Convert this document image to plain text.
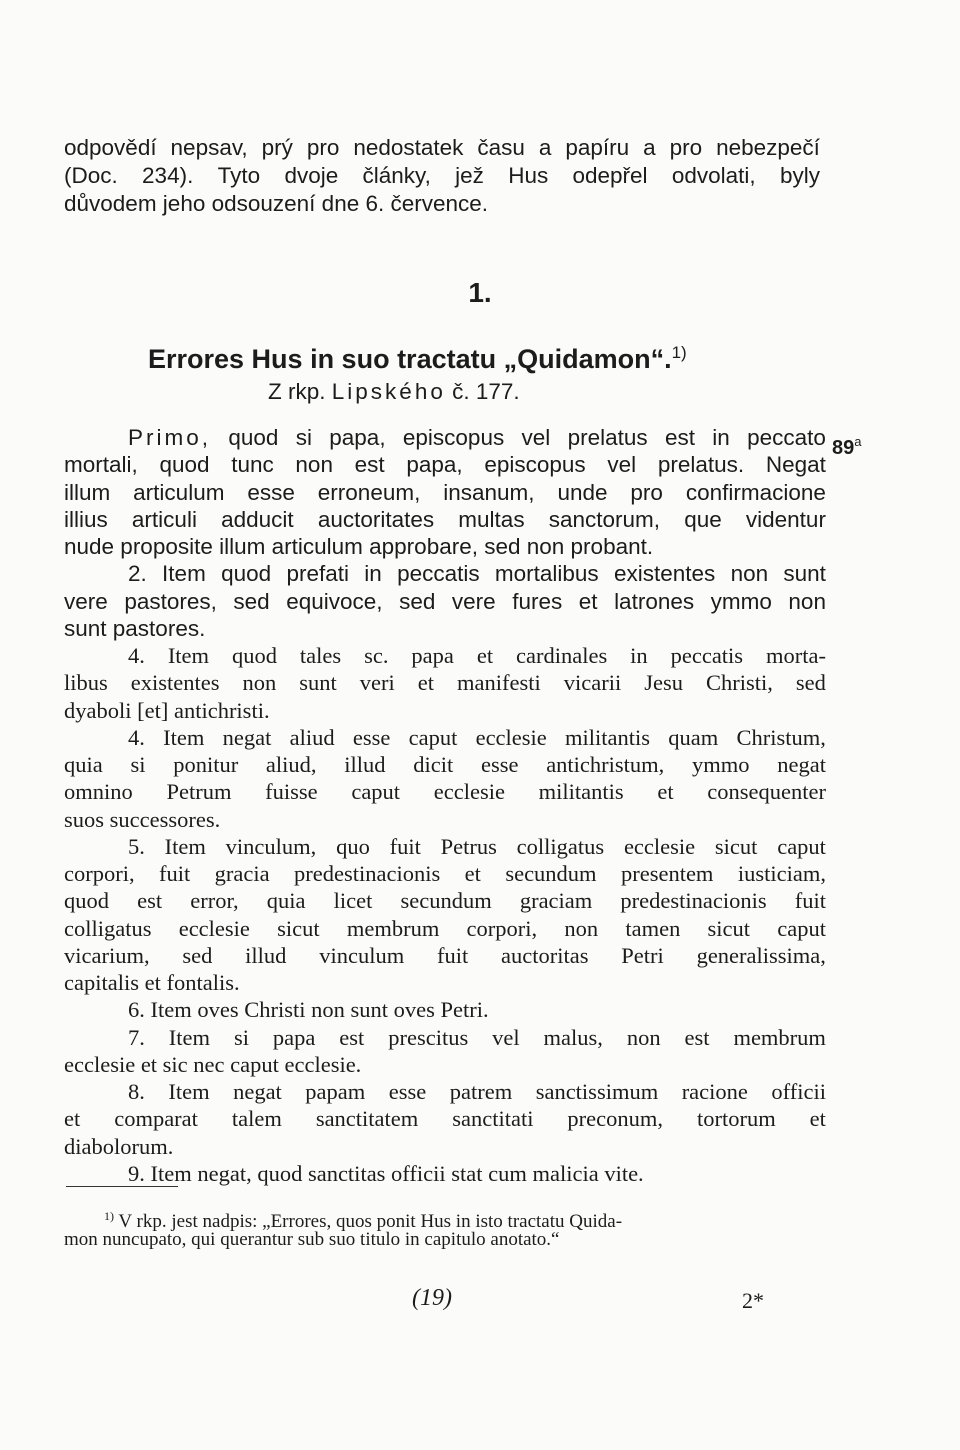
odpovědí nepsav, prý pro nedostatek času a papíru a pro nebezpečí
(Doc. 234). Tyto dvoje články, jež Hus odepřel odvolati, byly
důvodem jeho odsouzení dne 6. července.
1.
Errores Hus in suo tractatu „Quidamon“.$^{1)}$
Z rkp. Lipského č. 177.
89$^a$
Primo, quod si papa, episcopus vel prelatus est in peccato
mortali, quod tunc non est papa, episcopus vel prelatus. Negat
illum articulum esse erroneum, insanum, unde pro confirmacione
illius articuli adducit auctoritates multas sanctorum, que videntur
nude proposite illum articulum approbare, sed non probant.
2. Item quod prefati in peccatis mortalibus existentes non sunt
vere pastores, sed equivoce, sed vere fures et latrones ymmo non
sunt pastores.
4. Item quod tales sc. papa et cardinales in peccatis morta-
libus existentes non sunt veri et manifesti vicarii Jesu Christi, sed
dyaboli [et] antichristi.
4. Item negat aliud esse caput ecclesie militantis quam Christum,
quia si ponitur aliud, illud dicit esse antichristum, ymmo negat
omnino Petrum fuisse caput ecclesie militantis et consequenter
suos successores.
5. Item vinculum, quo fuit Petrus colligatus ecclesie sicut caput
corpori, fuit gracia predestinacionis et secundum presentem iusticiam,
quod est error, quia licet secundum graciam predestinacionis fuit
colligatus ecclesie sicut membrum corpori, non tamen sicut caput
vicarium, sed illud vinculum fuit auctoritas Petri generalissima,
capitalis et fontalis.
6. Item oves Christi non sunt oves Petri.
7. Item si papa est prescitus vel malus, non est membrum
ecclesie et sic nec caput ecclesie.
8. Item negat papam esse patrem sanctissimum racione officii
et comparat talem sanctitatem sanctitati preconum, tortorum et
diabolorum.
9. Item negat, quod sanctitas officii stat cum malicia vite.
$^{1)}$ V rkp. jest nadpis: „Errores, quos ponit Hus in isto tractatu Quida-
mon nuncupato, qui querantur sub suo titulo in capitulo anotato.“
(19)	2*
